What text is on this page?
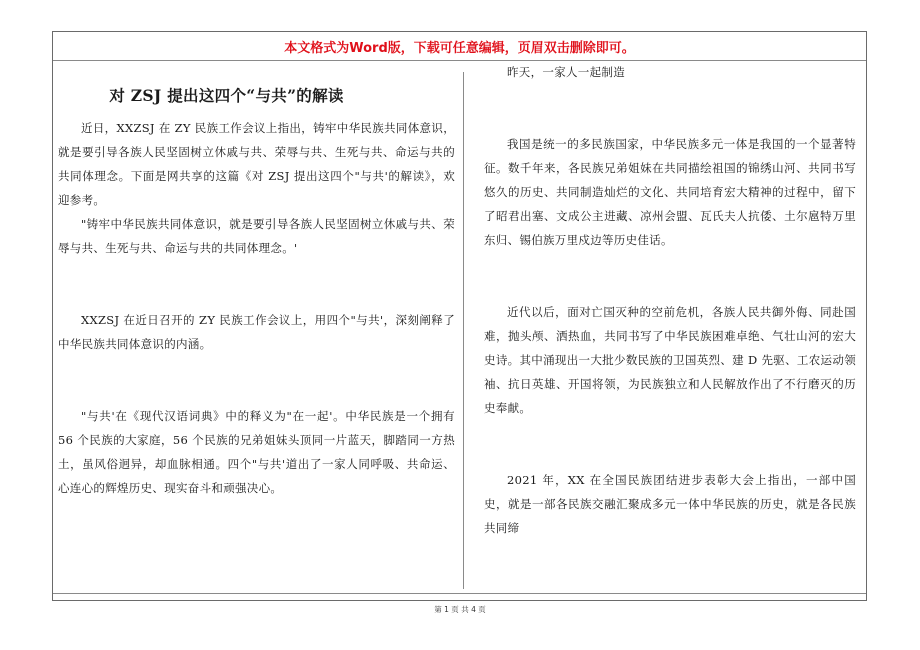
本文格式为Word版，下载可任意编辑，页眉双击删除即可。
对 ZSJ 提出这四个“与共”的解读

近日，XXZSJ 在 ZY 民族工作会议上指出，铸牢中华民族共同体意识，就是要引导各族人民坚固树立休戚与共、荣辱与共、生死与共、命运与共的共同体理念。下面是网共享的这篇《对 ZSJ 提出这四个"与共'的解读》，欢迎参考。

"铸牢中华民族共同体意识，就是要引导各族人民坚固树立休戚与共、荣辱与共、生死与共、命运与共的共同体理念。'

XXZSJ 在近日召开的 ZY 民族工作会议上，用四个"与共'，深刻阐释了中华民族共同体意识的内涵。

"与共'在《现代汉语词典》中的释义为"在一起'。中华民族是一个拥有 56 个民族的大家庭，56 个民族的兄弟姐妹头顶同一片蓝天，脚踏同一方热土，虽风俗迥异，却血脉相通。四个"与共'道出了一家人同呼吸、共命运、心连心的辉煌历史、现实奋斗和顽强决心。

昨天，一家人一起制造

我国是统一的多民族国家，中华民族多元一体是我国的一个显著特征。数千年来，各民族兄弟姐妹在共同描绘祖国的锦绣山河、共同书写悠久的历史、共同制造灿烂的文化、共同培育宏大精神的过程中，留下了昭君出塞、文成公主进藏、凉州会盟、瓦氏夫人抗倭、土尔扈特万里东归、锡伯族万里戍边等历史佳话。

近代以后，面对亡国灭种的空前危机，各族人民共御外侮、同赴国难，抛头颅、洒热血，共同书写了中华民族困难卓绝、气壮山河的宏大史诗。其中涌现出一大批少数民族的卫国英烈、建 D 先驱、工农运动领袖、抗日英雄、开国将领，为民族独立和人民解放作出了不行磨灭的历史奉献。

2021 年，XX 在全国民族团结进步表彰大会上指出，一部中国史，就是一部各民族交融汇聚成多元一体中华民族的历史，就是各民族共同缔

第 1 页 共 4 页
